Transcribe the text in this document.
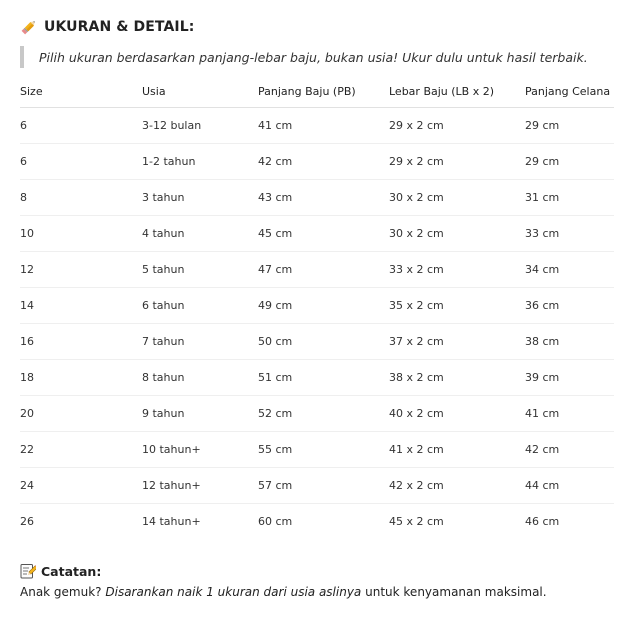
UKURAN & DETAIL:
Pilih ukuran berdasarkan panjang-lebar baju, bukan usia! Ukur dulu untuk hasil terbaik.
Size	Usia	Panjang Baju (PB)	Lebar Baju (LB x 2)	Panjang Celana
6	3-12 bulan	41 cm	29 x 2 cm	29 cm
6	1-2 tahun	42 cm	29 x 2 cm	29 cm
8	3 tahun	43 cm	30 x 2 cm	31 cm
10	4 tahun	45 cm	30 x 2 cm	33 cm
12	5 tahun	47 cm	33 x 2 cm	34 cm
14	6 tahun	49 cm	35 x 2 cm	36 cm
16	7 tahun	50 cm	37 x 2 cm	38 cm
18	8 tahun	51 cm	38 x 2 cm	39 cm
20	9 tahun	52 cm	40 x 2 cm	41 cm
22	10 tahun+	55 cm	41 x 2 cm	42 cm
24	12 tahun+	57 cm	42 x 2 cm	44 cm
26	14 tahun+	60 cm	45 x 2 cm	46 cm
Catatan:
Anak gemuk? Disarankan naik 1 ukuran dari usia aslinya untuk kenyamanan maksimal.
